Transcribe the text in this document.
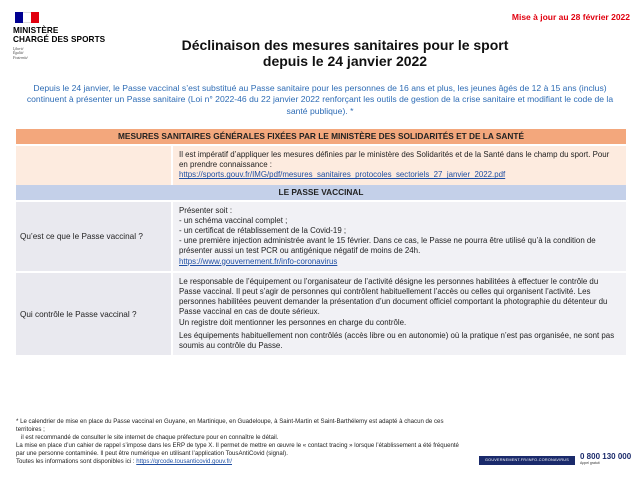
MINISTÈRE
CHARGÉ DES SPORTS
Liberté
Égalité
Fraternité
Mise à jour au 28 février 2022
Déclinaison des mesures sanitaires pour le sport
depuis le 24 janvier 2022
Depuis le 24 janvier, le Passe vaccinal s’est substitué au Passe sanitaire pour les personnes de 16 ans et plus, les jeunes âgés de 12 à 15 ans (inclus) continuent à présenter un Passe sanitaire (Loi n° 2022-46 du 22 janvier 2022 renforçant les outils de gestion de la crise sanitaire et modifiant le code de la santé publique). *
MESURES SANITAIRES GÉNÉRALES FIXÉES PAR LE MINISTÈRE DES SOLIDARITÉS ET DE LA SANTÉ

Il est impératif d’appliquer les mesures définies par le ministère des Solidarités et de la Santé dans le champ du sport. Pour en prendre connaissance :

https://sports.gouv.fr/IMG/pdf/mesures_sanitaires_protocoles_sectoriels_27_janvier_2022.pdf

LE PASSE VACCINAL
Qu’est ce que le Passe vaccinal ?

Présenter soit :

- un schéma vaccinal complet ;

- un certificat de rétablissement de la Covid-19 ;

- une première injection administrée avant le 15 février. Dans ce cas, le Passe ne pourra être utilisé qu’à la condition de présenter aussi un test PCR ou antigénique négatif de moins de 24h.

https://www.gouvernement.fr/info-coronavirus

Qui contrôle le Passe vaccinal ?

Le responsable de l’équipement ou l’organisateur de l’activité désigne les personnes habilitées à effectuer le contrôle du Passe vaccinal. Il peut s’agir de personnes qui contrôlent habituellement l’accès ou celles qui organisent l’activité. Les personnes habilitées peuvent demander la présentation d’un document officiel comportant la photographie du détenteur du Passe vaccinal en cas de doute sérieux.

Un registre doit mentionner les personnes en charge du contrôle.

Les équipements habituellement non contrôlés (accès libre ou en autonomie) où la pratique n’est pas organisée, ne sont pas soumis au contrôle du Passe.

* Le calendrier de mise en place du Passe vaccinal en Guyane, en Martinique, en Guadeloupe, à Saint-Martin et Saint-Barthélemy est adapté à chacun de ces territoires ;
il est recommandé de consulter le site internet de chaque préfecture pour en connaître le détail.
La mise en place d’un cahier de rappel s’impose dans les ERP de type X. Il permet de mettre en œuvre le « contact tracing » lorsque l’établissement a été fréquenté
par une personne contaminée. Il peut être numérique en utilisant l’application TousAntiCovid (signal).
Toutes les informations sont disponibles ici : https://qrcode.tousanticovid.gouv.fr/	GOUVERNEMENT.FR/INFO-CORONAVIRUS	0 800 130 000
Appel gratuit
